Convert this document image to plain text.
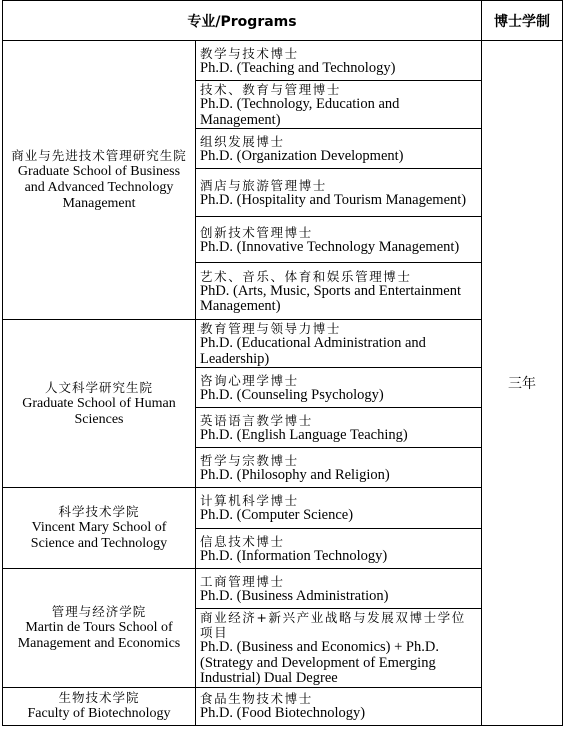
专业/Programs		博士学制

商业与先进技术管理研究生院
Graduate School of Business and Advanced Technology Management	教学与技术博士
Ph.D. (Teaching and Technology)	三年

	技术、教育与管理博士
Ph.D. (Technology, Education and Management)	

	组织发展博士
Ph.D. (Organization Development)	

	酒店与旅游管理博士
Ph.D. (Hospitality and Tourism Management)	

	创新技术管理博士
Ph.D. (Innovative Technology Management)	

	艺术、音乐、体育和娱乐管理博士
PhD. (Arts, Music, Sports and Entertainment Management)	

人文科学研究生院
Graduate School of Human Sciences	教育管理与领导力博士
Ph.D. (Educational Administration and Leadership)	

	咨询心理学博士
Ph.D. (Counseling Psychology)	

	英语语言教学博士
Ph.D. (English Language Teaching)	

	哲学与宗教博士
Ph.D. (Philosophy and Religion)	

科学技术学院
Vincent Mary School of Science and Technology	计算机科学博士
Ph.D. (Computer Science)	

	信息技术博士
Ph.D. (Information Technology)	

管理与经济学院
Martin de Tours School of Management and Economics	工商管理博士
Ph.D. (Business Administration)	

	商业经济+新兴产业战略与发展双博士学位项目
Ph.D. (Business and Economics) + Ph.D. (Strategy and Development of Emerging Industrial) Dual Degree	

生物技术学院
Faculty of Biotechnology	食品生物技术博士
Ph.D. (Food Biotechnology)	
